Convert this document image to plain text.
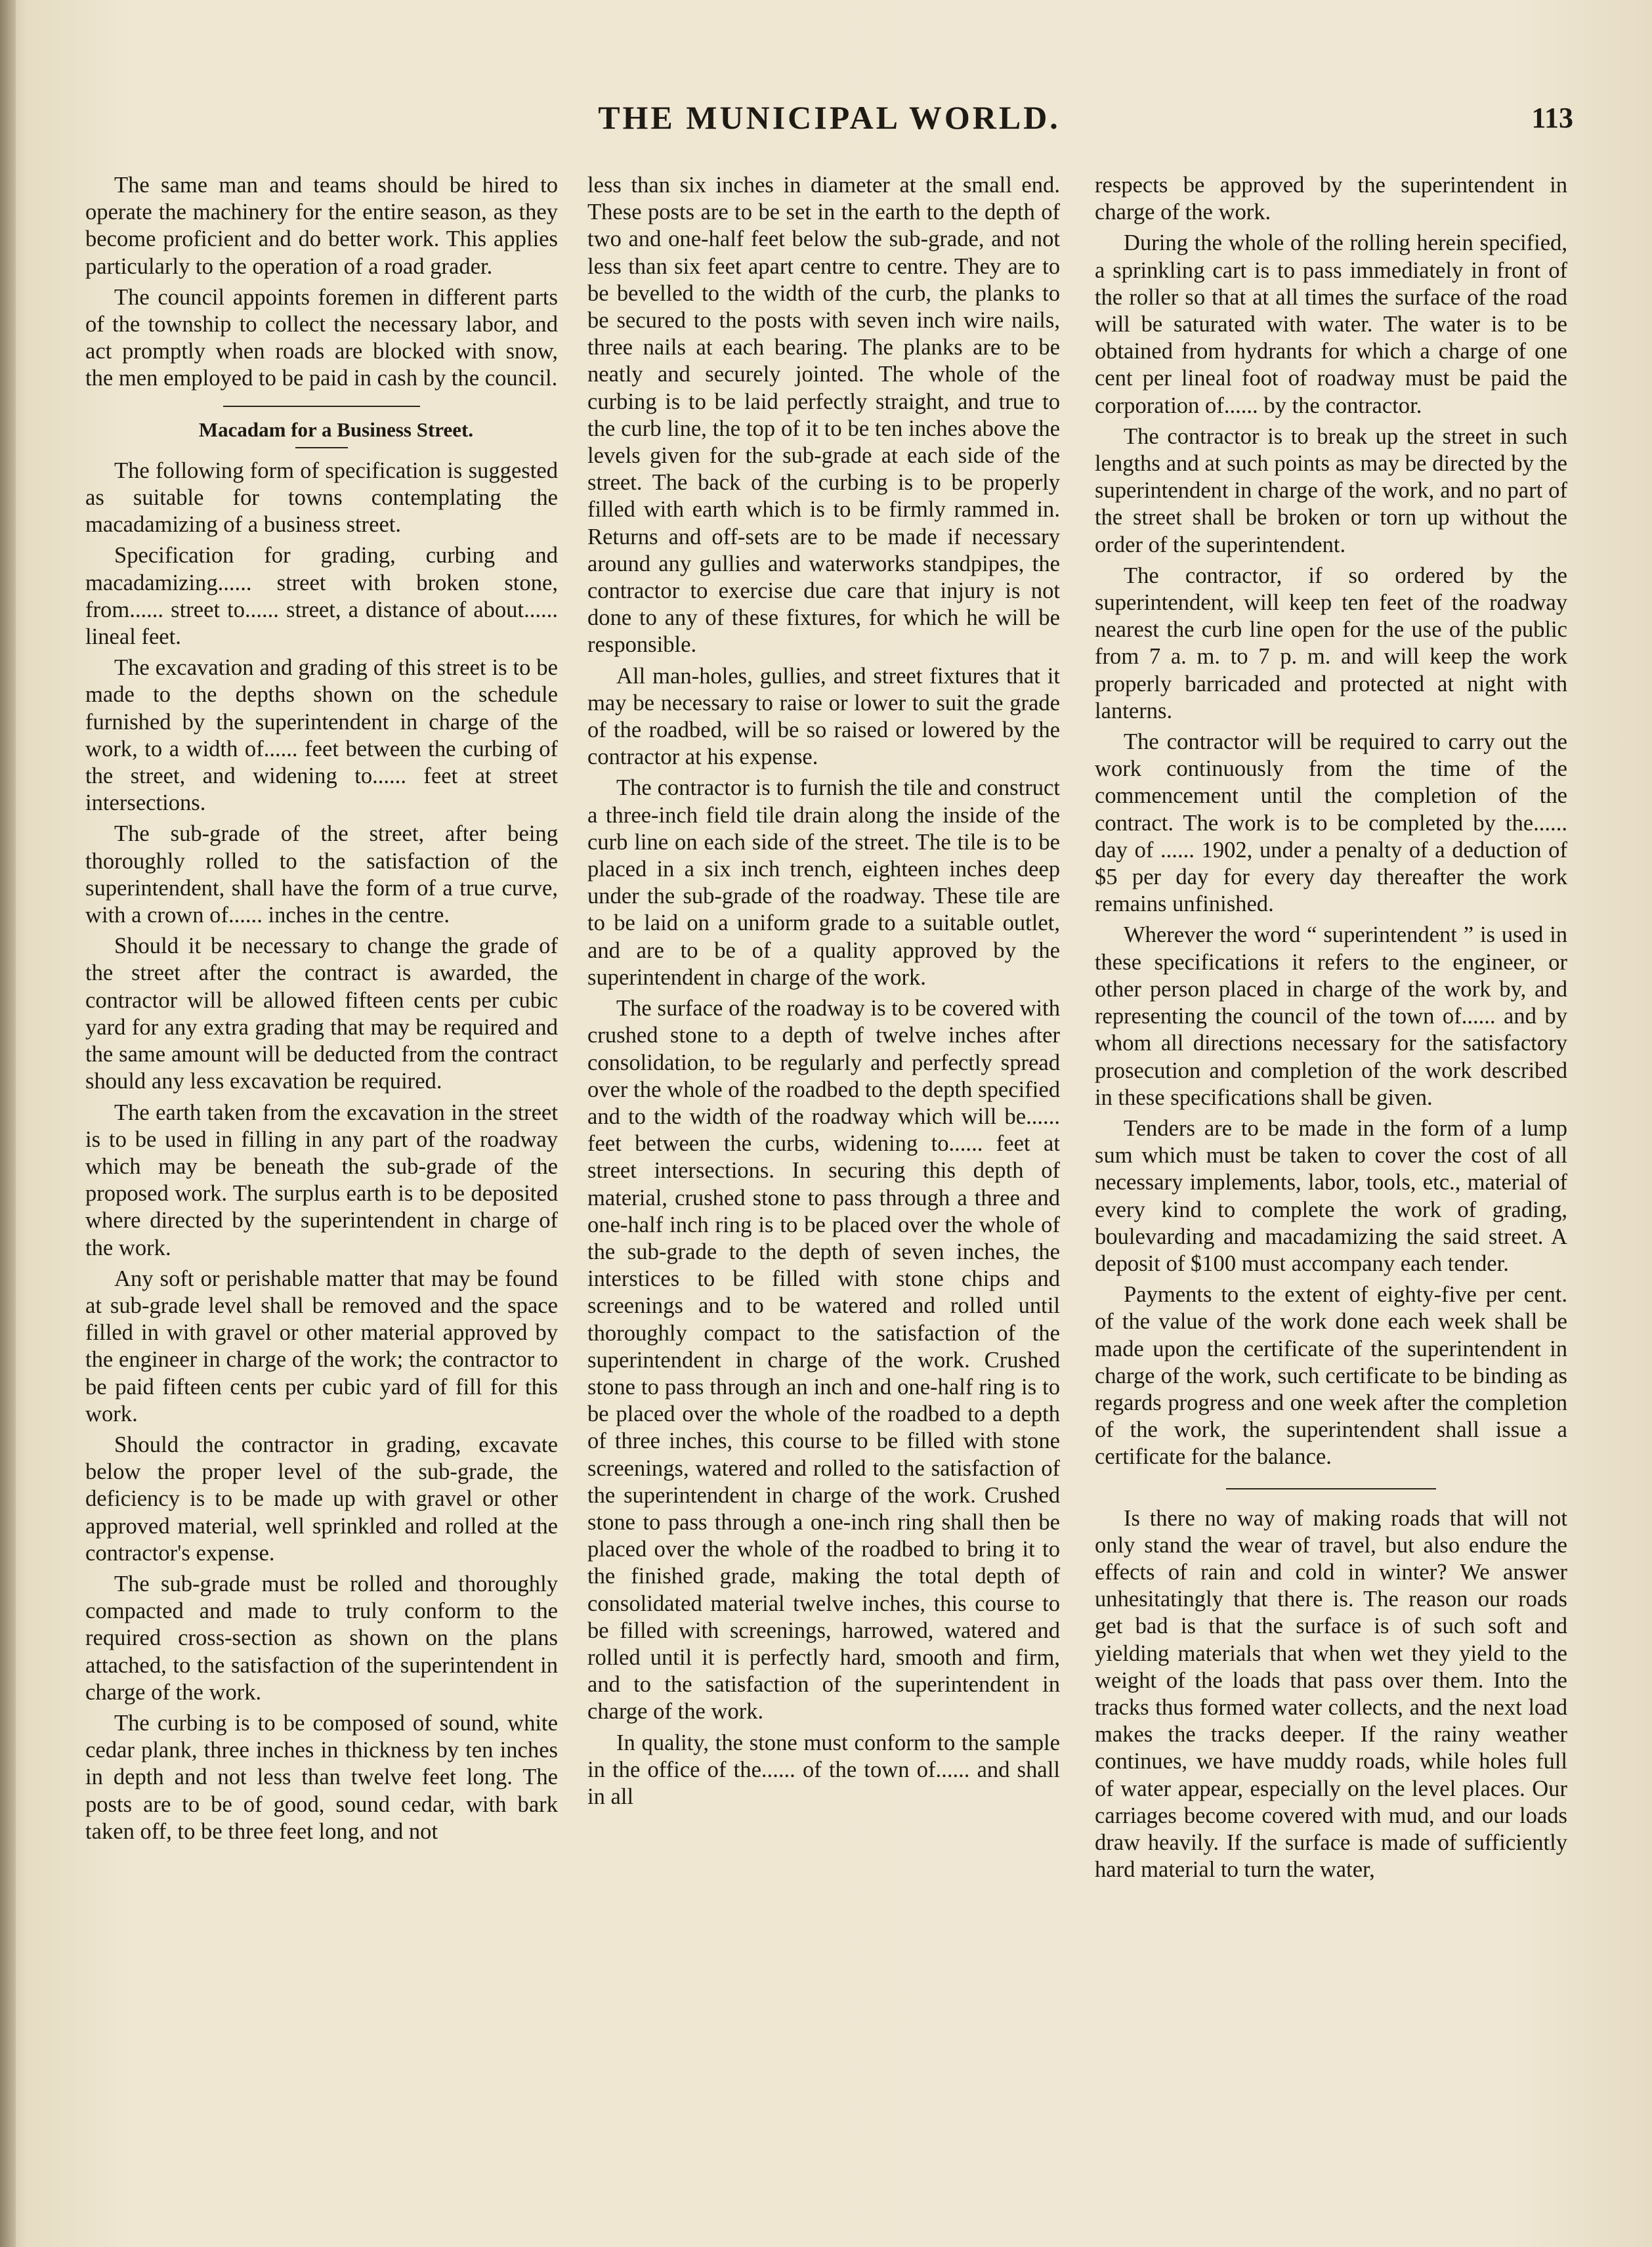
THE MUNICIPAL WORLD.	113

The same man and teams should be hired to operate the machinery for the entire season, as they become proficient and do better work. This applies particularly to the operation of a road grader.

The council appoints foremen in different parts of the township to collect the necessary labor, and act promptly when roads are blocked with snow, the men employed to be paid in cash by the council.

Macadam for a Business Street.

The following form of specification is suggested as suitable for towns contemplating the macadamizing of a business street.

Specification for grading, curbing and macadamizing...... street with broken stone, from...... street to...... street, a distance of about...... lineal feet.

The excavation and grading of this street is to be made to the depths shown on the schedule furnished by the superintendent in charge of the work, to a width of...... feet between the curbing of the street, and widening to...... feet at street intersections.

The sub-grade of the street, after being thoroughly rolled to the satisfaction of the superintendent, shall have the form of a true curve, with a crown of...... inches in the centre.

Should it be necessary to change the grade of the street after the contract is awarded, the contractor will be allowed fifteen cents per cubic yard for any extra grading that may be required and the same amount will be deducted from the contract should any less excavation be required.

The earth taken from the excavation in the street is to be used in filling in any part of the roadway which may be beneath the sub-grade of the proposed work. The surplus earth is to be deposited where directed by the superintendent in charge of the work.

Any soft or perishable matter that may be found at sub-grade level shall be removed and the space filled in with gravel or other material approved by the engineer in charge of the work; the contractor to be paid fifteen cents per cubic yard of fill for this work.

Should the contractor in grading, excavate below the proper level of the sub-grade, the deficiency is to be made up with gravel or other approved material, well sprinkled and rolled at the contractor's expense.

The sub-grade must be rolled and thoroughly compacted and made to truly conform to the required cross-section as shown on the plans attached, to the satisfaction of the superintendent in charge of the work.

The curbing is to be composed of sound, white cedar plank, three inches in thickness by ten inches in depth and not less than twelve feet long. The posts are to be of good, sound cedar, with bark taken off, to be three feet long, and not

less than six inches in diameter at the small end. These posts are to be set in the earth to the depth of two and one-half feet below the sub-grade, and not less than six feet apart centre to centre. They are to be bevelled to the width of the curb, the planks to be secured to the posts with seven inch wire nails, three nails at each bearing. The planks are to be neatly and securely jointed. The whole of the curbing is to be laid perfectly straight, and true to the curb line, the top of it to be ten inches above the levels given for the sub-grade at each side of the street. The back of the curbing is to be properly filled with earth which is to be firmly rammed in. Returns and off-sets are to be made if necessary around any gullies and waterworks standpipes, the contractor to exercise due care that injury is not done to any of these fixtures, for which he will be responsible.

All man-holes, gullies, and street fixtures that it may be necessary to raise or lower to suit the grade of the roadbed, will be so raised or lowered by the contractor at his expense.

The contractor is to furnish the tile and construct a three-inch field tile drain along the inside of the curb line on each side of the street. The tile is to be placed in a six inch trench, eighteen inches deep under the sub-grade of the roadway. These tile are to be laid on a uniform grade to a suitable outlet, and are to be of a quality approved by the superintendent in charge of the work.

The surface of the roadway is to be covered with crushed stone to a depth of twelve inches after consolidation, to be regularly and perfectly spread over the whole of the roadbed to the depth specified and to the width of the roadway which will be...... feet between the curbs, widening to...... feet at street intersections. In securing this depth of material, crushed stone to pass through a three and one-half inch ring is to be placed over the whole of the sub-grade to the depth of seven inches, the interstices to be filled with stone chips and screenings and to be watered and rolled until thoroughly compact to the satisfaction of the superintendent in charge of the work. Crushed stone to pass through an inch and one-half ring is to be placed over the whole of the roadbed to a depth of three inches, this course to be filled with stone screenings, watered and rolled to the satisfaction of the superintendent in charge of the work. Crushed stone to pass through a one-inch ring shall then be placed over the whole of the roadbed to bring it to the finished grade, making the total depth of consolidated material twelve inches, this course to be filled with screenings, harrowed, watered and rolled until it is perfectly hard, smooth and firm, and to the satisfaction of the superintendent in charge of the work.

In quality, the stone must conform to the sample in the office of the...... of the town of...... and shall in all

respects be approved by the superintendent in charge of the work.

During the whole of the rolling herein specified, a sprinkling cart is to pass immediately in front of the roller so that at all times the surface of the road will be saturated with water. The water is to be obtained from hydrants for which a charge of one cent per lineal foot of roadway must be paid the corporation of...... by the contractor.

The contractor is to break up the street in such lengths and at such points as may be directed by the superintendent in charge of the work, and no part of the street shall be broken or torn up without the order of the superintendent.

The contractor, if so ordered by the superintendent, will keep ten feet of the roadway nearest the curb line open for the use of the public from 7 a. m. to 7 p. m. and will keep the work properly barricaded and protected at night with lanterns.

The contractor will be required to carry out the work continuously from the time of the commencement until the completion of the contract. The work is to be completed by the...... day of ...... 1902, under a penalty of a deduction of $5 per day for every day thereafter the work remains unfinished.

Wherever the word “ superintendent ” is used in these specifications it refers to the engineer, or other person placed in charge of the work by, and representing the council of the town of...... and by whom all directions necessary for the satisfactory prosecution and completion of the work described in these specifications shall be given.

Tenders are to be made in the form of a lump sum which must be taken to cover the cost of all necessary implements, labor, tools, etc., material of every kind to complete the work of grading, boulevarding and macadamizing the said street. A deposit of $100 must accompany each tender.

Payments to the extent of eighty-five per cent. of the value of the work done each week shall be made upon the certificate of the superintendent in charge of the work, such certificate to be binding as regards progress and one week after the completion of the work, the superintendent shall issue a certificate for the balance.

Is there no way of making roads that will not only stand the wear of travel, but also endure the effects of rain and cold in winter? We answer unhesitatingly that there is. The reason our roads get bad is that the surface is of such soft and yielding materials that when wet they yield to the weight of the loads that pass over them. Into the tracks thus formed water collects, and the next load makes the tracks deeper. If the rainy weather continues, we have muddy roads, while holes full of water appear, especially on the level places. Our carriages become covered with mud, and our loads draw heavily. If the surface is made of sufficiently hard material to turn the water,
